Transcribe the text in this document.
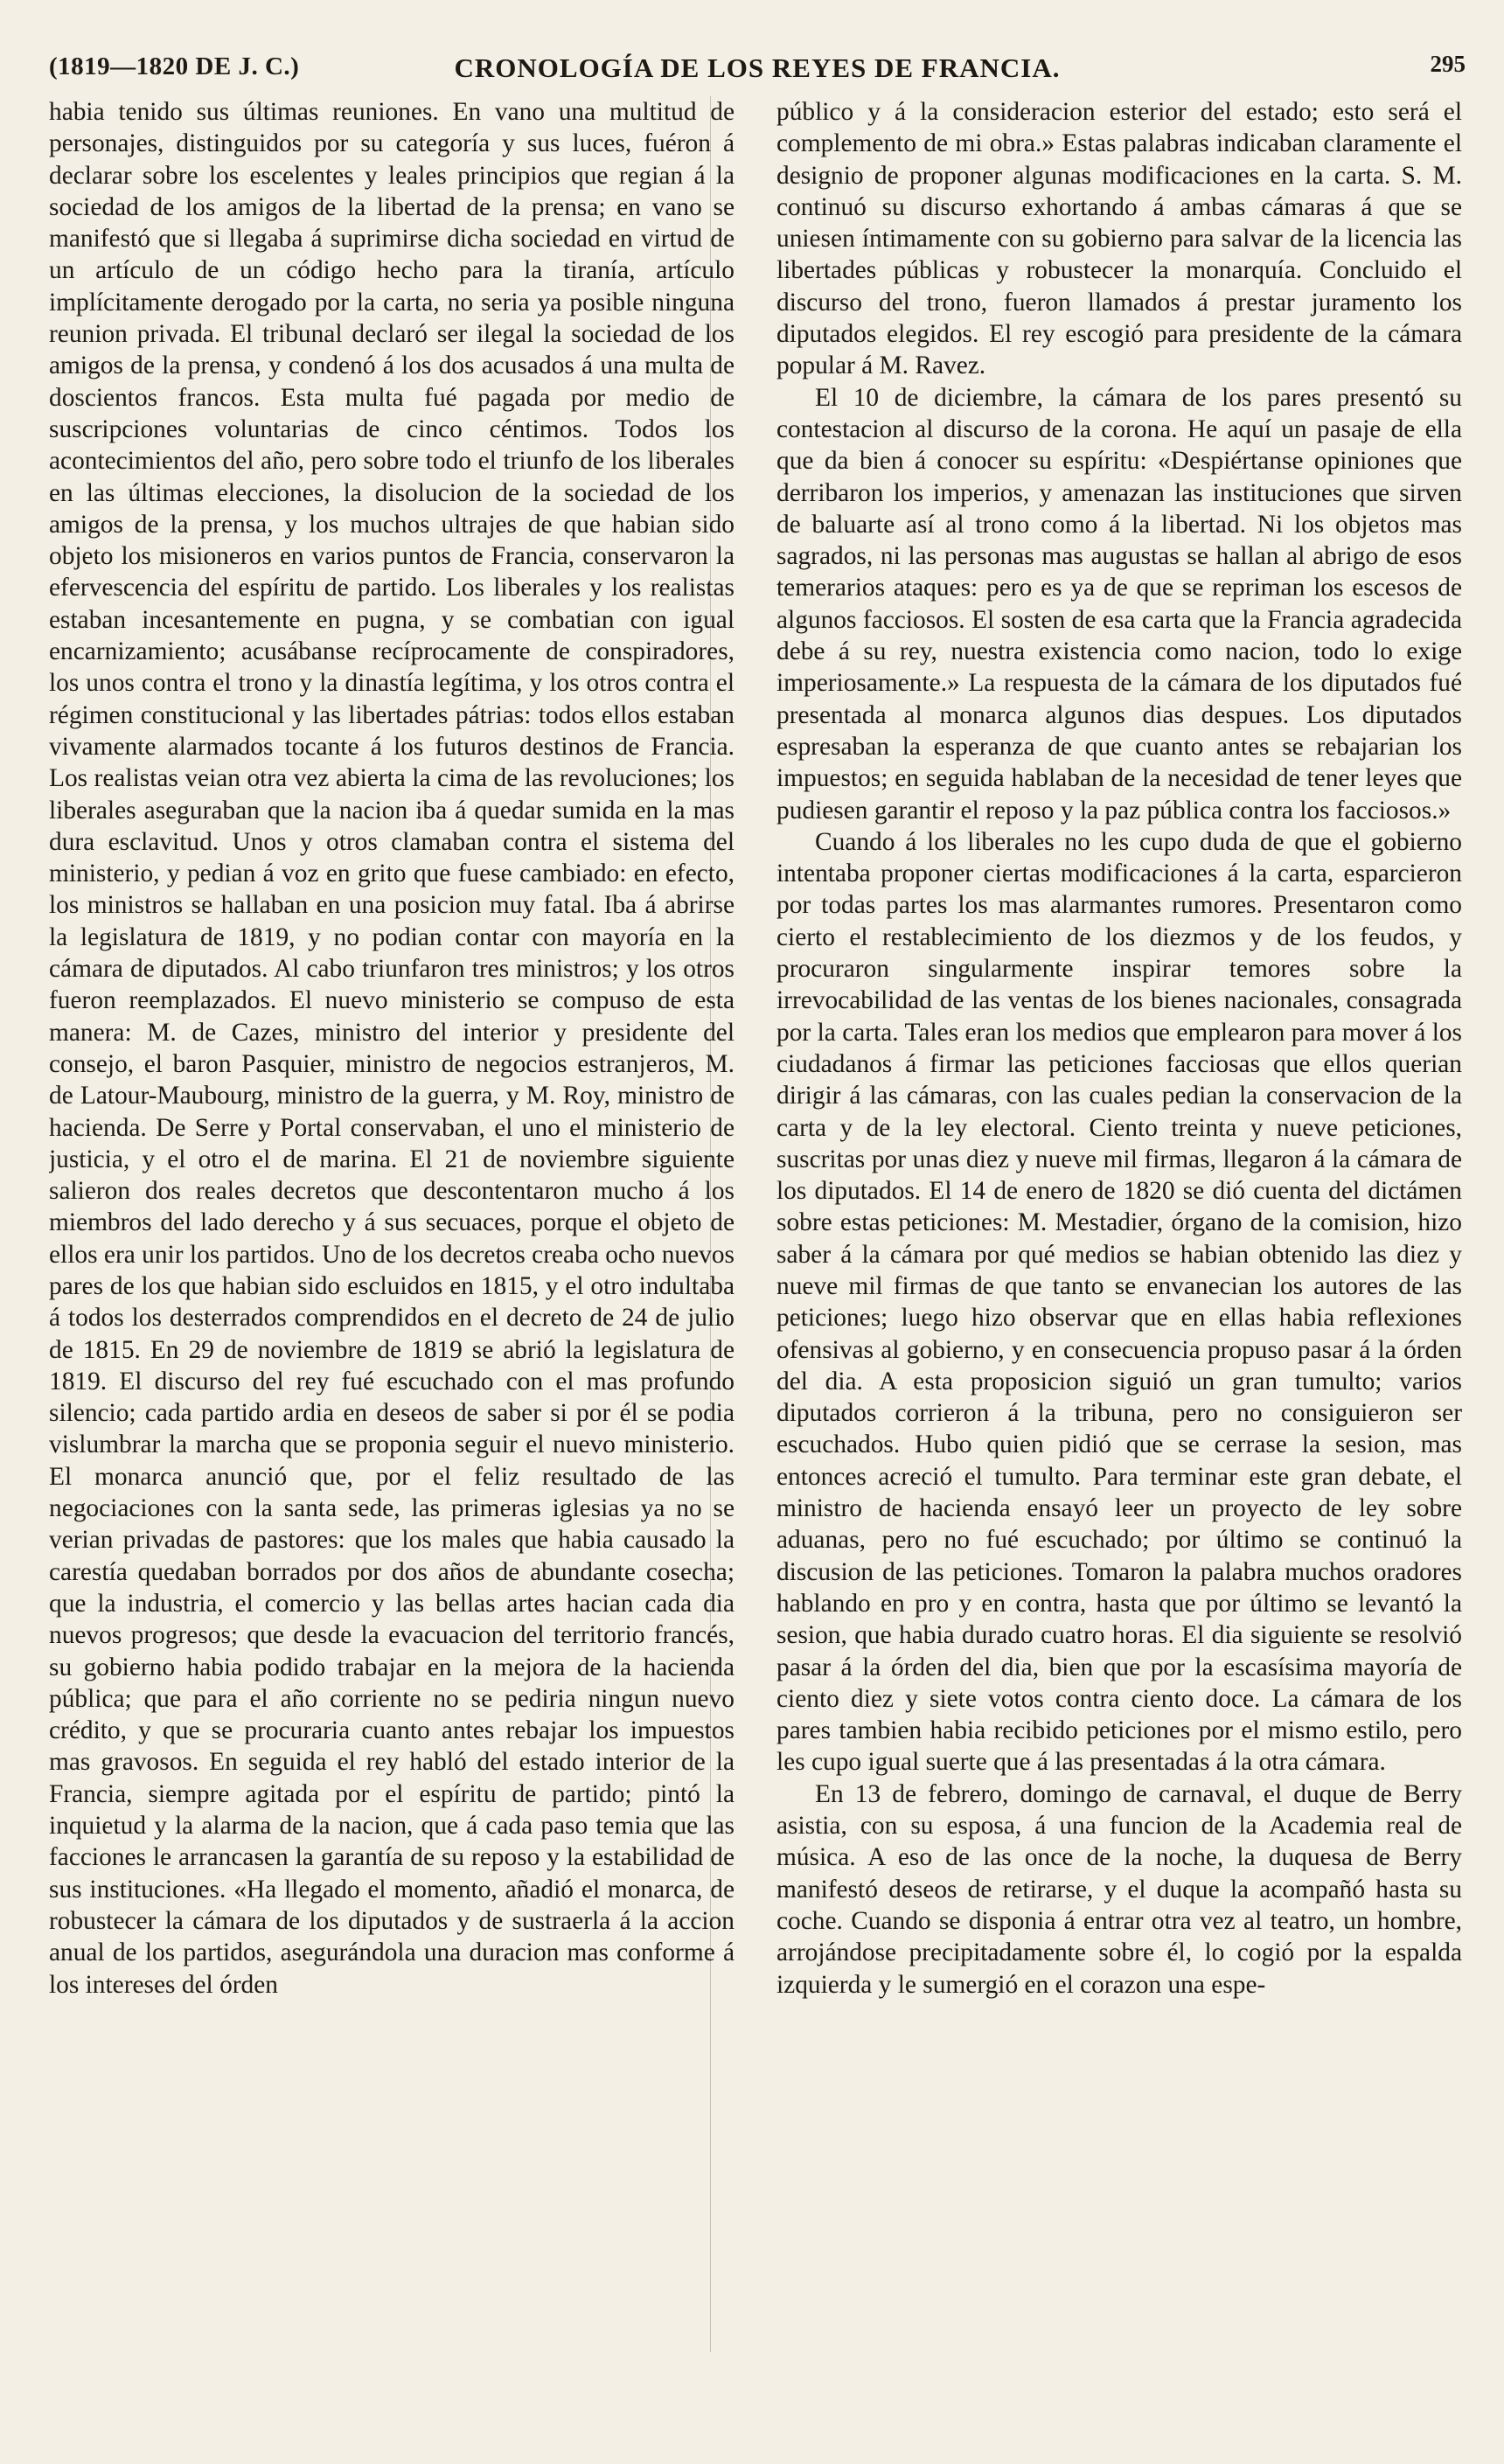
(1819—1820 DE J. C.)	CRONOLOGÍA DE LOS REYES DE FRANCIA.	295

habia tenido sus últimas reuniones. En vano una multitud de personajes, distinguidos por su categoría y sus luces, fuéron á declarar sobre los escelentes y leales principios que regian á la sociedad de los amigos de la libertad de la prensa; en vano se manifestó que si llegaba á suprimirse dicha sociedad en virtud de un artículo de un código hecho para la tiranía, artículo implícitamente derogado por la carta, no seria ya posible ninguna reunion privada. El tribunal declaró ser ilegal la sociedad de los amigos de la prensa, y condenó á los dos acusados á una multa de doscientos francos. Esta multa fué pagada por medio de suscripciones voluntarias de cinco céntimos. Todos los acontecimientos del año, pero sobre todo el triunfo de los liberales en las últimas elecciones, la disolucion de la sociedad de los amigos de la prensa, y los muchos ultrajes de que habian sido objeto los misioneros en varios puntos de Francia, conservaron la efervescencia del espíritu de partido. Los liberales y los realistas estaban incesantemente en pugna, y se combatian con igual encarnizamiento; acusábanse recíprocamente de conspiradores, los unos contra el trono y la dinastía legítima, y los otros contra el régimen constitucional y las libertades pátrias: todos ellos estaban vivamente alarmados tocante á los futuros destinos de Francia. Los realistas veian otra vez abierta la cima de las revoluciones; los liberales aseguraban que la nacion iba á quedar sumida en la mas dura esclavitud. Unos y otros clamaban contra el sistema del ministerio, y pedian á voz en grito que fuese cambiado: en efecto, los ministros se hallaban en una posicion muy fatal. Iba á abrirse la legislatura de 1819, y no podian contar con mayoría en la cámara de diputados. Al cabo triunfaron tres ministros; y los otros fueron reemplazados. El nuevo ministerio se compuso de esta manera: M. de Cazes, ministro del interior y presidente del consejo, el baron Pasquier, ministro de negocios estranjeros, M. de Latour-Maubourg, ministro de la guerra, y M. Roy, ministro de hacienda. De Serre y Portal conservaban, el uno el ministerio de justicia, y el otro el de marina. El 21 de noviembre siguiente salieron dos reales decretos que descontentaron mucho á los miembros del lado derecho y á sus secuaces, porque el objeto de ellos era unir los partidos. Uno de los decretos creaba ocho nuevos pares de los que habian sido escluidos en 1815, y el otro indultaba á todos los desterrados comprendidos en el decreto de 24 de julio de 1815. En 29 de noviembre de 1819 se abrió la legislatura de 1819. El discurso del rey fué escuchado con el mas profundo silencio; cada partido ardia en deseos de saber si por él se podia vislumbrar la marcha que se proponia seguir el nuevo ministerio. El monarca anunció que, por el feliz resultado de las negociaciones con la santa sede, las primeras iglesias ya no se verian privadas de pastores: que los males que habia causado la carestía quedaban borrados por dos años de abundante cosecha; que la industria, el comercio y las bellas artes hacian cada dia nuevos progresos; que desde la evacuacion del territorio francés, su gobierno habia podido trabajar en la mejora de la hacienda pública; que para el año corriente no se pediria ningun nuevo crédito, y que se procuraria cuanto antes rebajar los impuestos mas gravosos. En seguida el rey habló del estado interior de la Francia, siempre agitada por el espíritu de partido; pintó la inquietud y la alarma de la nacion, que á cada paso temia que las facciones le arrancasen la garantía de su reposo y la estabilidad de sus instituciones. «Ha llegado el momento, añadió el monarca, de robustecer la cámara de los diputados y de sustraerla á la accion anual de los partidos, asegurándola una duracion mas conforme á los intereses del órden

público y á la consideracion esterior del estado; esto será el complemento de mi obra.» Estas palabras indicaban claramente el designio de proponer algunas modificaciones en la carta. S. M. continuó su discurso exhortando á ambas cámaras á que se uniesen íntimamente con su gobierno para salvar de la licencia las libertades públicas y robustecer la monarquía. Concluido el discurso del trono, fueron llamados á prestar juramento los diputados elegidos. El rey escogió para presidente de la cámara popular á M. Ravez.

El 10 de diciembre, la cámara de los pares presentó su contestacion al discurso de la corona. He aquí un pasaje de ella que da bien á conocer su espíritu: «Despiértanse opiniones que derribaron los imperios, y amenazan las instituciones que sirven de baluarte así al trono como á la libertad. Ni los objetos mas sagrados, ni las personas mas augustas se hallan al abrigo de esos temerarios ataques: pero es ya de que se repriman los escesos de algunos facciosos. El sosten de esa carta que la Francia agradecida debe á su rey, nuestra existencia como nacion, todo lo exige imperiosamente.» La respuesta de la cámara de los diputados fué presentada al monarca algunos dias despues. Los diputados espresaban la esperanza de que cuanto antes se rebajarian los impuestos; en seguida hablaban de la necesidad de tener leyes que pudiesen garantir el reposo y la paz pública contra los facciosos.»

Cuando á los liberales no les cupo duda de que el gobierno intentaba proponer ciertas modificaciones á la carta, esparcieron por todas partes los mas alarmantes rumores. Presentaron como cierto el restablecimiento de los diezmos y de los feudos, y procuraron singularmente inspirar temores sobre la irrevocabilidad de las ventas de los bienes nacionales, consagrada por la carta. Tales eran los medios que emplearon para mover á los ciudadanos á firmar las peticiones facciosas que ellos querian dirigir á las cámaras, con las cuales pedian la conservacion de la carta y de la ley electoral. Ciento treinta y nueve peticiones, suscritas por unas diez y nueve mil firmas, llegaron á la cámara de los diputados. El 14 de enero de 1820 se dió cuenta del dictámen sobre estas peticiones: M. Mestadier, órgano de la comision, hizo saber á la cámara por qué medios se habian obtenido las diez y nueve mil firmas de que tanto se envanecian los autores de las peticiones; luego hizo observar que en ellas habia reflexiones ofensivas al gobierno, y en consecuencia propuso pasar á la órden del dia. A esta proposicion siguió un gran tumulto; varios diputados corrieron á la tribuna, pero no consiguieron ser escuchados. Hubo quien pidió que se cerrase la sesion, mas entonces acreció el tumulto. Para terminar este gran debate, el ministro de hacienda ensayó leer un proyecto de ley sobre aduanas, pero no fué escuchado; por último se continuó la discusion de las peticiones. Tomaron la palabra muchos oradores hablando en pro y en contra, hasta que por último se levantó la sesion, que habia durado cuatro horas. El dia siguiente se resolvió pasar á la órden del dia, bien que por la escasísima mayoría de ciento diez y siete votos contra ciento doce. La cámara de los pares tambien habia recibido peticiones por el mismo estilo, pero les cupo igual suerte que á las presentadas á la otra cámara.

En 13 de febrero, domingo de carnaval, el duque de Berry asistia, con su esposa, á una funcion de la Academia real de música. A eso de las once de la noche, la duquesa de Berry manifestó deseos de retirarse, y el duque la acompañó hasta su coche. Cuando se disponia á entrar otra vez al teatro, un hombre, arrojándose precipitadamente sobre él, lo cogió por la espalda izquierda y le sumergió en el corazon una espe-
